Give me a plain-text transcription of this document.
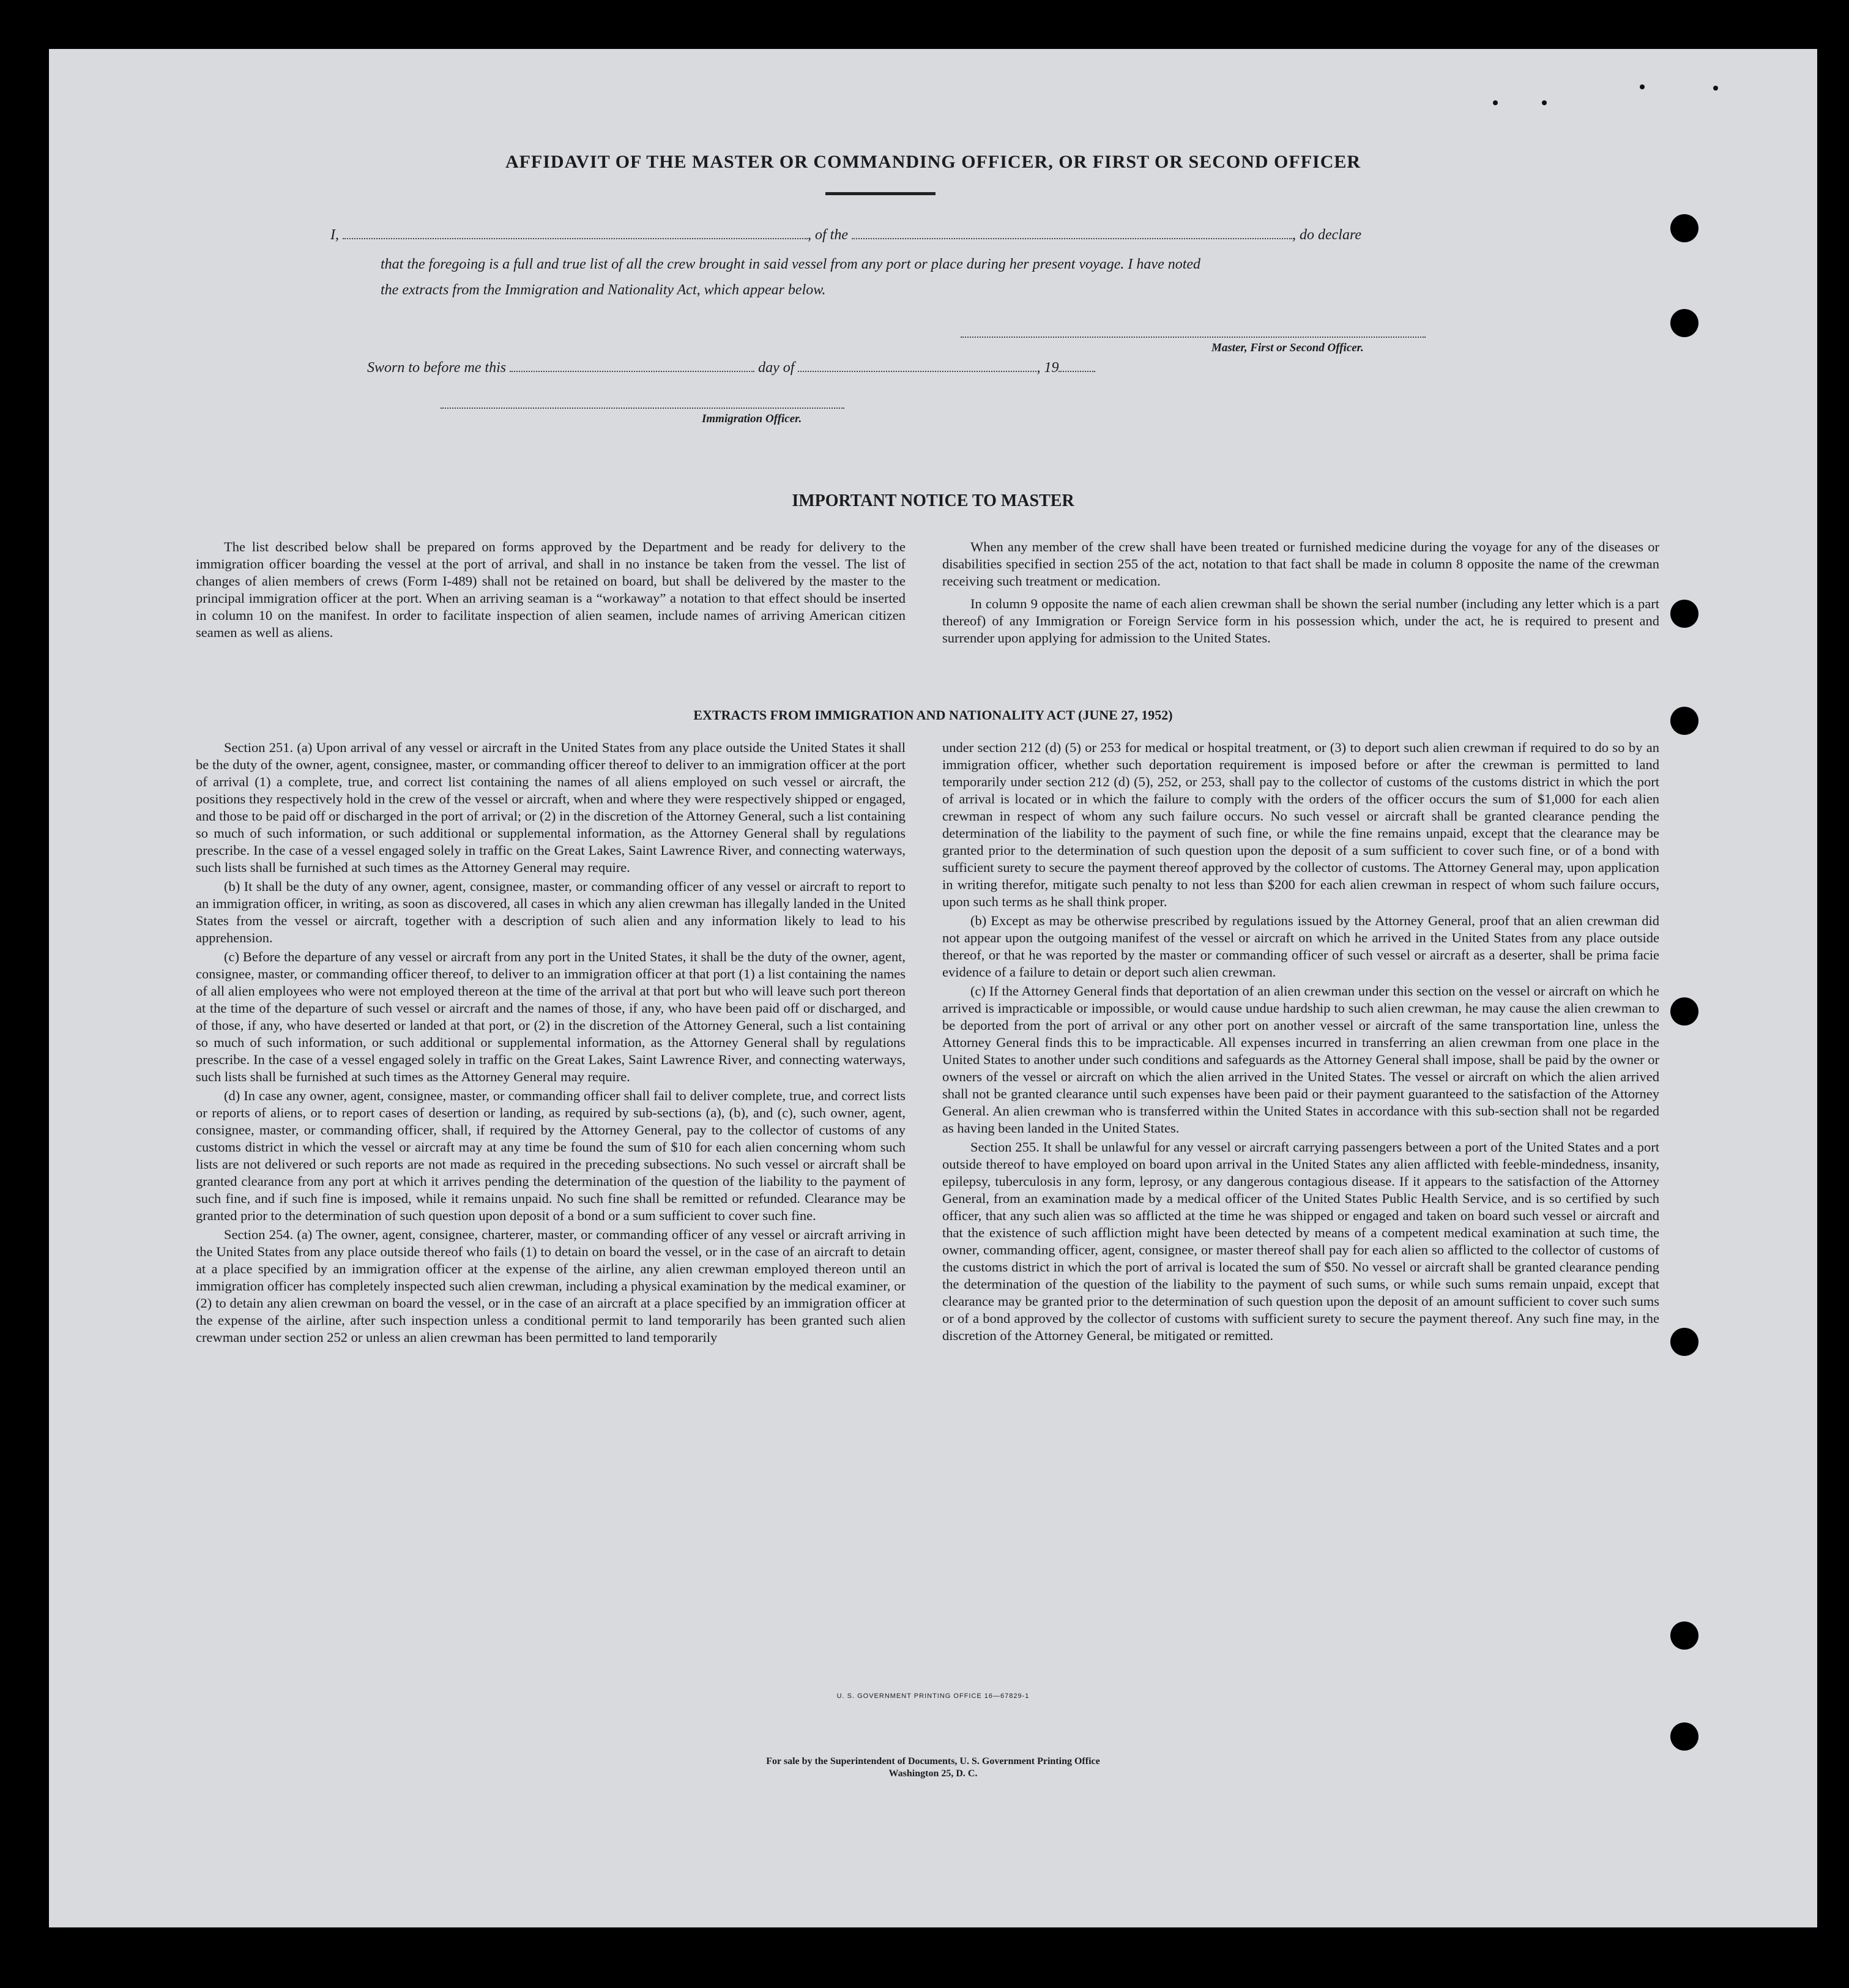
AFFIDAVIT OF THE MASTER OR COMMANDING OFFICER, OR FIRST OR SECOND OFFICER
I,	, of the	, do declare
that the foregoing is a full and true list of all the crew brought in said vessel from any port or place during her present voyage. I have noted
the extracts from the Immigration and Nationality Act, which appear below.
Master, First or Second Officer.
Sworn to before me this	day of	, 19
Immigration Officer.
IMPORTANT NOTICE TO MASTER

The list described below shall be prepared on forms approved by the Department and be ready for delivery to the immigration officer boarding the vessel at the port of arrival, and shall in no instance be taken from the vessel. The list of changes of alien members of crews (Form I-489) shall not be retained on board, but shall be delivered by the master to the principal immigration officer at the port. When an arriving seaman is a “workaway” a notation to that effect should be inserted in column 10 on the manifest. In order to facilitate inspection of alien seamen, include names of arriving American citizen seamen as well as aliens.

When any member of the crew shall have been treated or furnished medicine during the voyage for any of the diseases or disabilities specified in section 255 of the act, notation to that fact shall be made in column 8 opposite the name of the crewman receiving such treatment or medication.

In column 9 opposite the name of each alien crewman shall be shown the serial number (including any letter which is a part thereof) of any Immigration or Foreign Service form in his possession which, under the act, he is required to present and surrender upon applying for admission to the United States.

EXTRACTS FROM IMMIGRATION AND NATIONALITY ACT (JUNE 27, 1952)

Section 251. (a) Upon arrival of any vessel or aircraft in the United States from any place outside the United States it shall be the duty of the owner, agent, consignee, master, or commanding officer thereof to deliver to an immigration officer at the port of arrival (1) a complete, true, and correct list containing the names of all aliens employed on such vessel or aircraft, the positions they respectively hold in the crew of the vessel or aircraft, when and where they were respectively shipped or engaged, and those to be paid off or discharged in the port of arrival; or (2) in the discretion of the Attorney General, such a list containing so much of such information, or such additional or supplemental information, as the Attorney General shall by regulations prescribe. In the case of a vessel engaged solely in traffic on the Great Lakes, Saint Lawrence River, and connecting waterways, such lists shall be furnished at such times as the Attorney General may require.

(b) It shall be the duty of any owner, agent, consignee, master, or commanding officer of any vessel or aircraft to report to an immigration officer, in writing, as soon as discovered, all cases in which any alien crewman has illegally landed in the United States from the vessel or aircraft, together with a description of such alien and any information likely to lead to his apprehension.

(c) Before the departure of any vessel or aircraft from any port in the United States, it shall be the duty of the owner, agent, consignee, master, or commanding officer thereof, to deliver to an immigration officer at that port (1) a list containing the names of all alien employees who were not employed thereon at the time of the arrival at that port but who will leave such port thereon at the time of the departure of such vessel or aircraft and the names of those, if any, who have been paid off or discharged, and of those, if any, who have deserted or landed at that port, or (2) in the discretion of the Attorney General, such a list containing so much of such information, or such additional or supplemental information, as the Attorney General shall by regulations prescribe. In the case of a vessel engaged solely in traffic on the Great Lakes, Saint Lawrence River, and connecting waterways, such lists shall be furnished at such times as the Attorney General may require.

(d) In case any owner, agent, consignee, master, or commanding officer shall fail to deliver complete, true, and correct lists or reports of aliens, or to report cases of desertion or landing, as required by sub-sections (a), (b), and (c), such owner, agent, consignee, master, or commanding officer, shall, if required by the Attorney General, pay to the collector of customs of any customs district in which the vessel or aircraft may at any time be found the sum of $10 for each alien concerning whom such lists are not delivered or such reports are not made as required in the preceding subsections. No such vessel or aircraft shall be granted clearance from any port at which it arrives pending the determination of the question of the liability to the payment of such fine, and if such fine is imposed, while it remains unpaid. No such fine shall be remitted or refunded. Clearance may be granted prior to the determination of such question upon deposit of a bond or a sum sufficient to cover such fine.

Section 254. (a) The owner, agent, consignee, charterer, master, or commanding officer of any vessel or aircraft arriving in the United States from any place outside thereof who fails (1) to detain on board the vessel, or in the case of an aircraft to detain at a place specified by an immigration officer at the expense of the airline, any alien crewman employed thereon until an immigration officer has completely inspected such alien crewman, including a physical examination by the medical examiner, or (2) to detain any alien crewman on board the vessel, or in the case of an aircraft at a place specified by an immigration officer at the expense of the airline, after such inspection unless a conditional permit to land temporarily has been granted such alien crewman under section 252 or unless an alien crewman has been permitted to land temporarily

under section 212 (d) (5) or 253 for medical or hospital treatment, or (3) to deport such alien crewman if required to do so by an immigration officer, whether such deportation requirement is imposed before or after the crewman is permitted to land temporarily under section 212 (d) (5), 252, or 253, shall pay to the collector of customs of the customs district in which the port of arrival is located or in which the failure to comply with the orders of the officer occurs the sum of $1,000 for each alien crewman in respect of whom any such failure occurs. No such vessel or aircraft shall be granted clearance pending the determination of the liability to the payment of such fine, or while the fine remains unpaid, except that the clearance may be granted prior to the determination of such question upon the deposit of a sum sufficient to cover such fine, or of a bond with sufficient surety to secure the payment thereof approved by the collector of customs. The Attorney General may, upon application in writing therefor, mitigate such penalty to not less than $200 for each alien crewman in respect of whom such failure occurs, upon such terms as he shall think proper.

(b) Except as may be otherwise prescribed by regulations issued by the Attorney General, proof that an alien crewman did not appear upon the outgoing manifest of the vessel or aircraft on which he arrived in the United States from any place outside thereof, or that he was reported by the master or commanding officer of such vessel or aircraft as a deserter, shall be prima facie evidence of a failure to detain or deport such alien crewman.

(c) If the Attorney General finds that deportation of an alien crewman under this section on the vessel or aircraft on which he arrived is impracticable or impossible, or would cause undue hardship to such alien crewman, he may cause the alien crewman to be deported from the port of arrival or any other port on another vessel or aircraft of the same transportation line, unless the Attorney General finds this to be impracticable. All expenses incurred in transferring an alien crewman from one place in the United States to another under such conditions and safeguards as the Attorney General shall impose, shall be paid by the owner or owners of the vessel or aircraft on which the alien arrived in the United States. The vessel or aircraft on which the alien arrived shall not be granted clearance until such expenses have been paid or their payment guaranteed to the satisfaction of the Attorney General. An alien crewman who is transferred within the United States in accordance with this sub-section shall not be regarded as having been landed in the United States.

Section 255. It shall be unlawful for any vessel or aircraft carrying passengers between a port of the United States and a port outside thereof to have employed on board upon arrival in the United States any alien afflicted with feeble-mindedness, insanity, epilepsy, tuberculosis in any form, leprosy, or any dangerous contagious disease. If it appears to the satisfaction of the Attorney General, from an examination made by a medical officer of the United States Public Health Service, and is so certified by such officer, that any such alien was so afflicted at the time he was shipped or engaged and taken on board such vessel or aircraft and that the existence of such affliction might have been detected by means of a competent medical examination at such time, the owner, commanding officer, agent, consignee, or master thereof shall pay for each alien so afflicted to the collector of customs of the customs district in which the port of arrival is located the sum of $50. No vessel or aircraft shall be granted clearance pending the determination of the question of the liability to the payment of such sums, or while such sums remain unpaid, except that clearance may be granted prior to the determination of such question upon the deposit of an amount sufficient to cover such sums or of a bond approved by the collector of customs with sufficient surety to secure the payment thereof. Any such fine may, in the discretion of the Attorney General, be mitigated or remitted.

U. S. GOVERNMENT PRINTING OFFICE 16—67829-1
For sale by the Superintendent of Documents, U. S. Government Printing Office
Washington 25, D. C.
